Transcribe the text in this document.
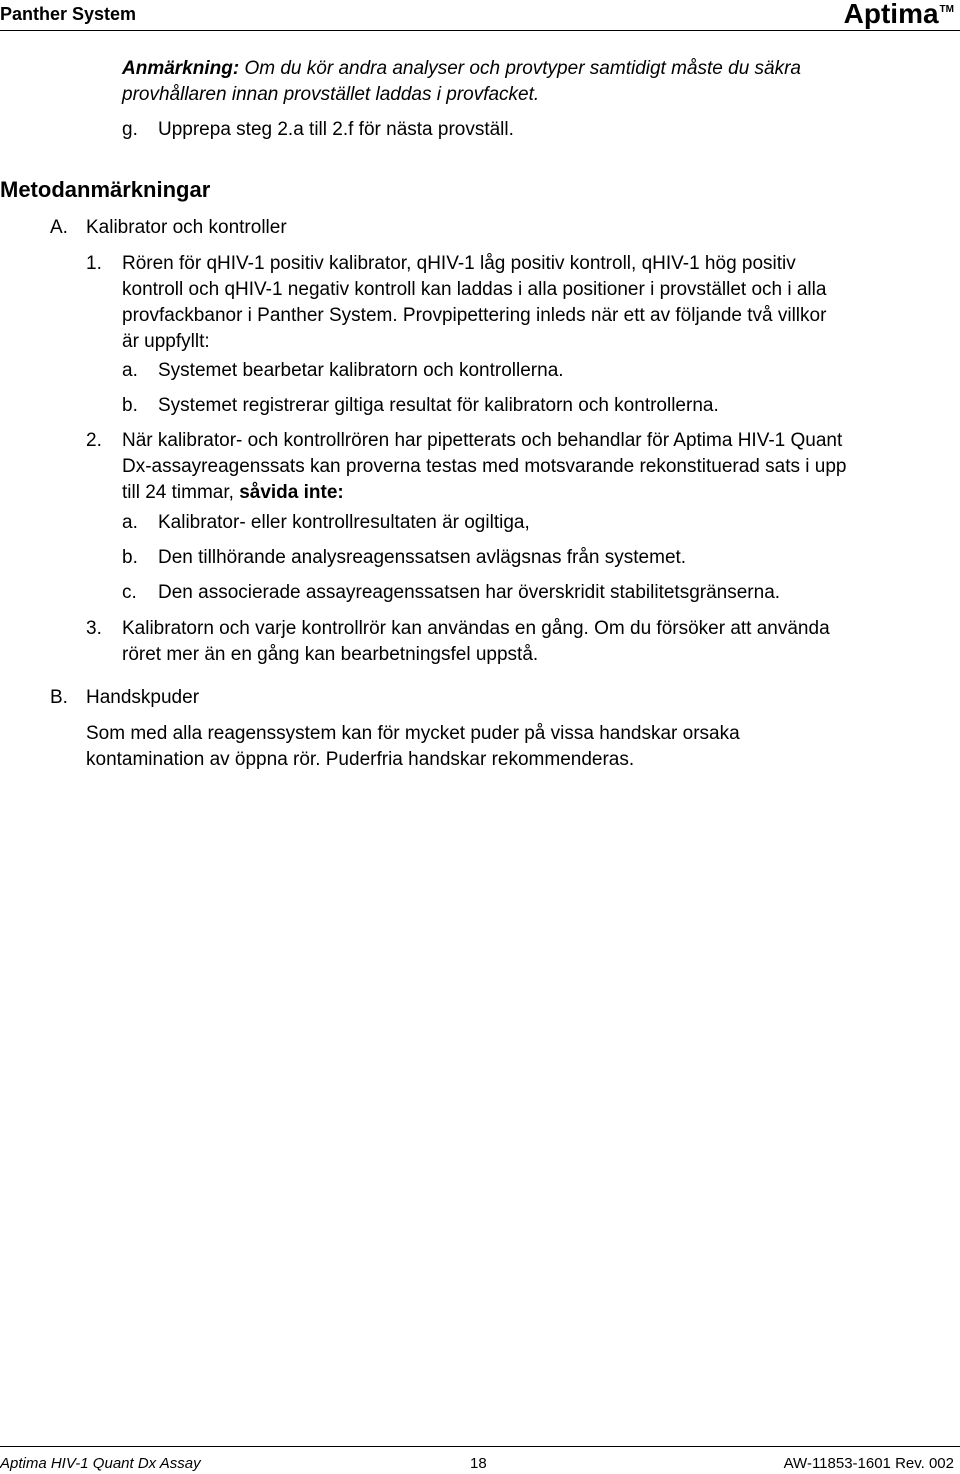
Panther System	Aptima™
Anmärkning: Om du kör andra analyser och provtyper samtidigt måste du säkra
provhållaren innan provstället laddas i provfacket.
g. Upprepa steg 2.a till 2.f för nästa provställ.
Metodanmärkningar
A. Kalibrator och kontroller
1. Rören för qHIV-1 positiv kalibrator, qHIV-1 låg positiv kontroll, qHIV-1 hög positiv
kontroll och qHIV-1 negativ kontroll kan laddas i alla positioner i provstället och i alla
provfackbanor i Panther System. Provpipettering inleds när ett av följande två villkor
är uppfyllt:
a. Systemet bearbetar kalibratorn och kontrollerna.
b. Systemet registrerar giltiga resultat för kalibratorn och kontrollerna.
2. När kalibrator- och kontrollrören har pipetterats och behandlar för Aptima HIV-1 Quant
Dx-assayreagenssats kan proverna testas med motsvarande rekonstituerad sats i upp
till 24 timmar, såvida inte:
a. Kalibrator- eller kontrollresultaten är ogiltiga,
b. Den tillhörande analysreagenssatsen avlägsnas från systemet.
c. Den associerade assayreagenssatsen har överskridit stabilitetsgränserna.
3. Kalibratorn och varje kontrollrör kan användas en gång. Om du försöker att använda
röret mer än en gång kan bearbetningsfel uppstå.
B. Handskpuder
Som med alla reagenssystem kan för mycket puder på vissa handskar orsaka
kontamination av öppna rör. Puderfria handskar rekommenderas.
Aptima HIV-1 Quant Dx Assay	18	AW-11853-1601 Rev. 002
